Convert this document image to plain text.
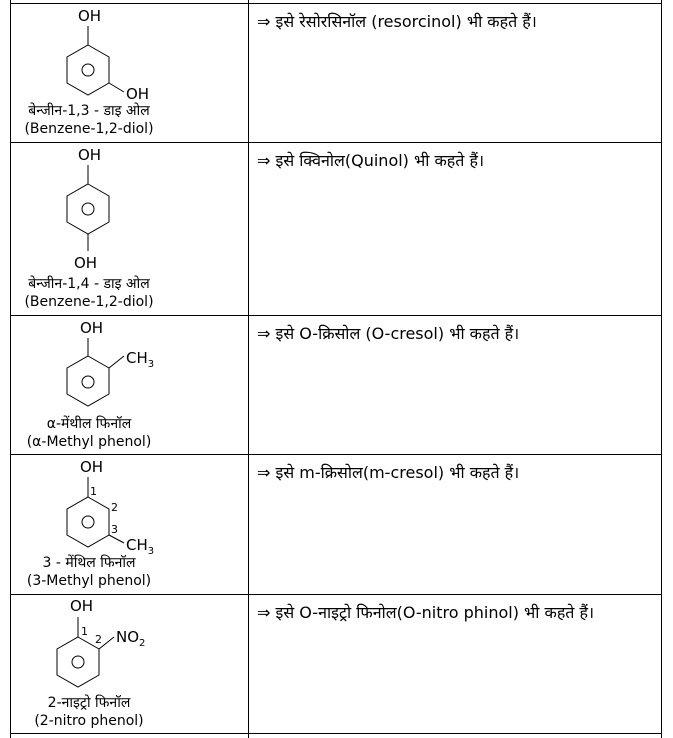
OH
OH
बेन्जीन-1,3 - डाइ ओल
(Benzene-1,2-diol)
⇒ इसे रेसोरसिनॉल (resorcinol) भी कहते हैं।
OH
OH
बेन्जीन-1,4 - डाइ ओल
(Benzene-1,2-diol)
⇒ इसे क्विनोल(Quinol) भी कहते हैं।
OH
$CH_3$
α-मेंथील फिनॉल
(α-Methyl phenol)
⇒ इसे O-क्रिसोल (O-cresol) भी कहते हैं।
OH
1
2
3
$CH_3$
3 - मेंथिल फिनॉल
(3-Methyl phenol)
⇒ इसे m-क्रिसोल(m-cresol) भी कहते हैं।
OH
1
2 $NO_2$
2-नाइट्रो फिनॉल
(2-nitro phenol)
⇒ इसे O-नाइट्रो फिनोल(O-nitro phinol) भी कहते हैं।
